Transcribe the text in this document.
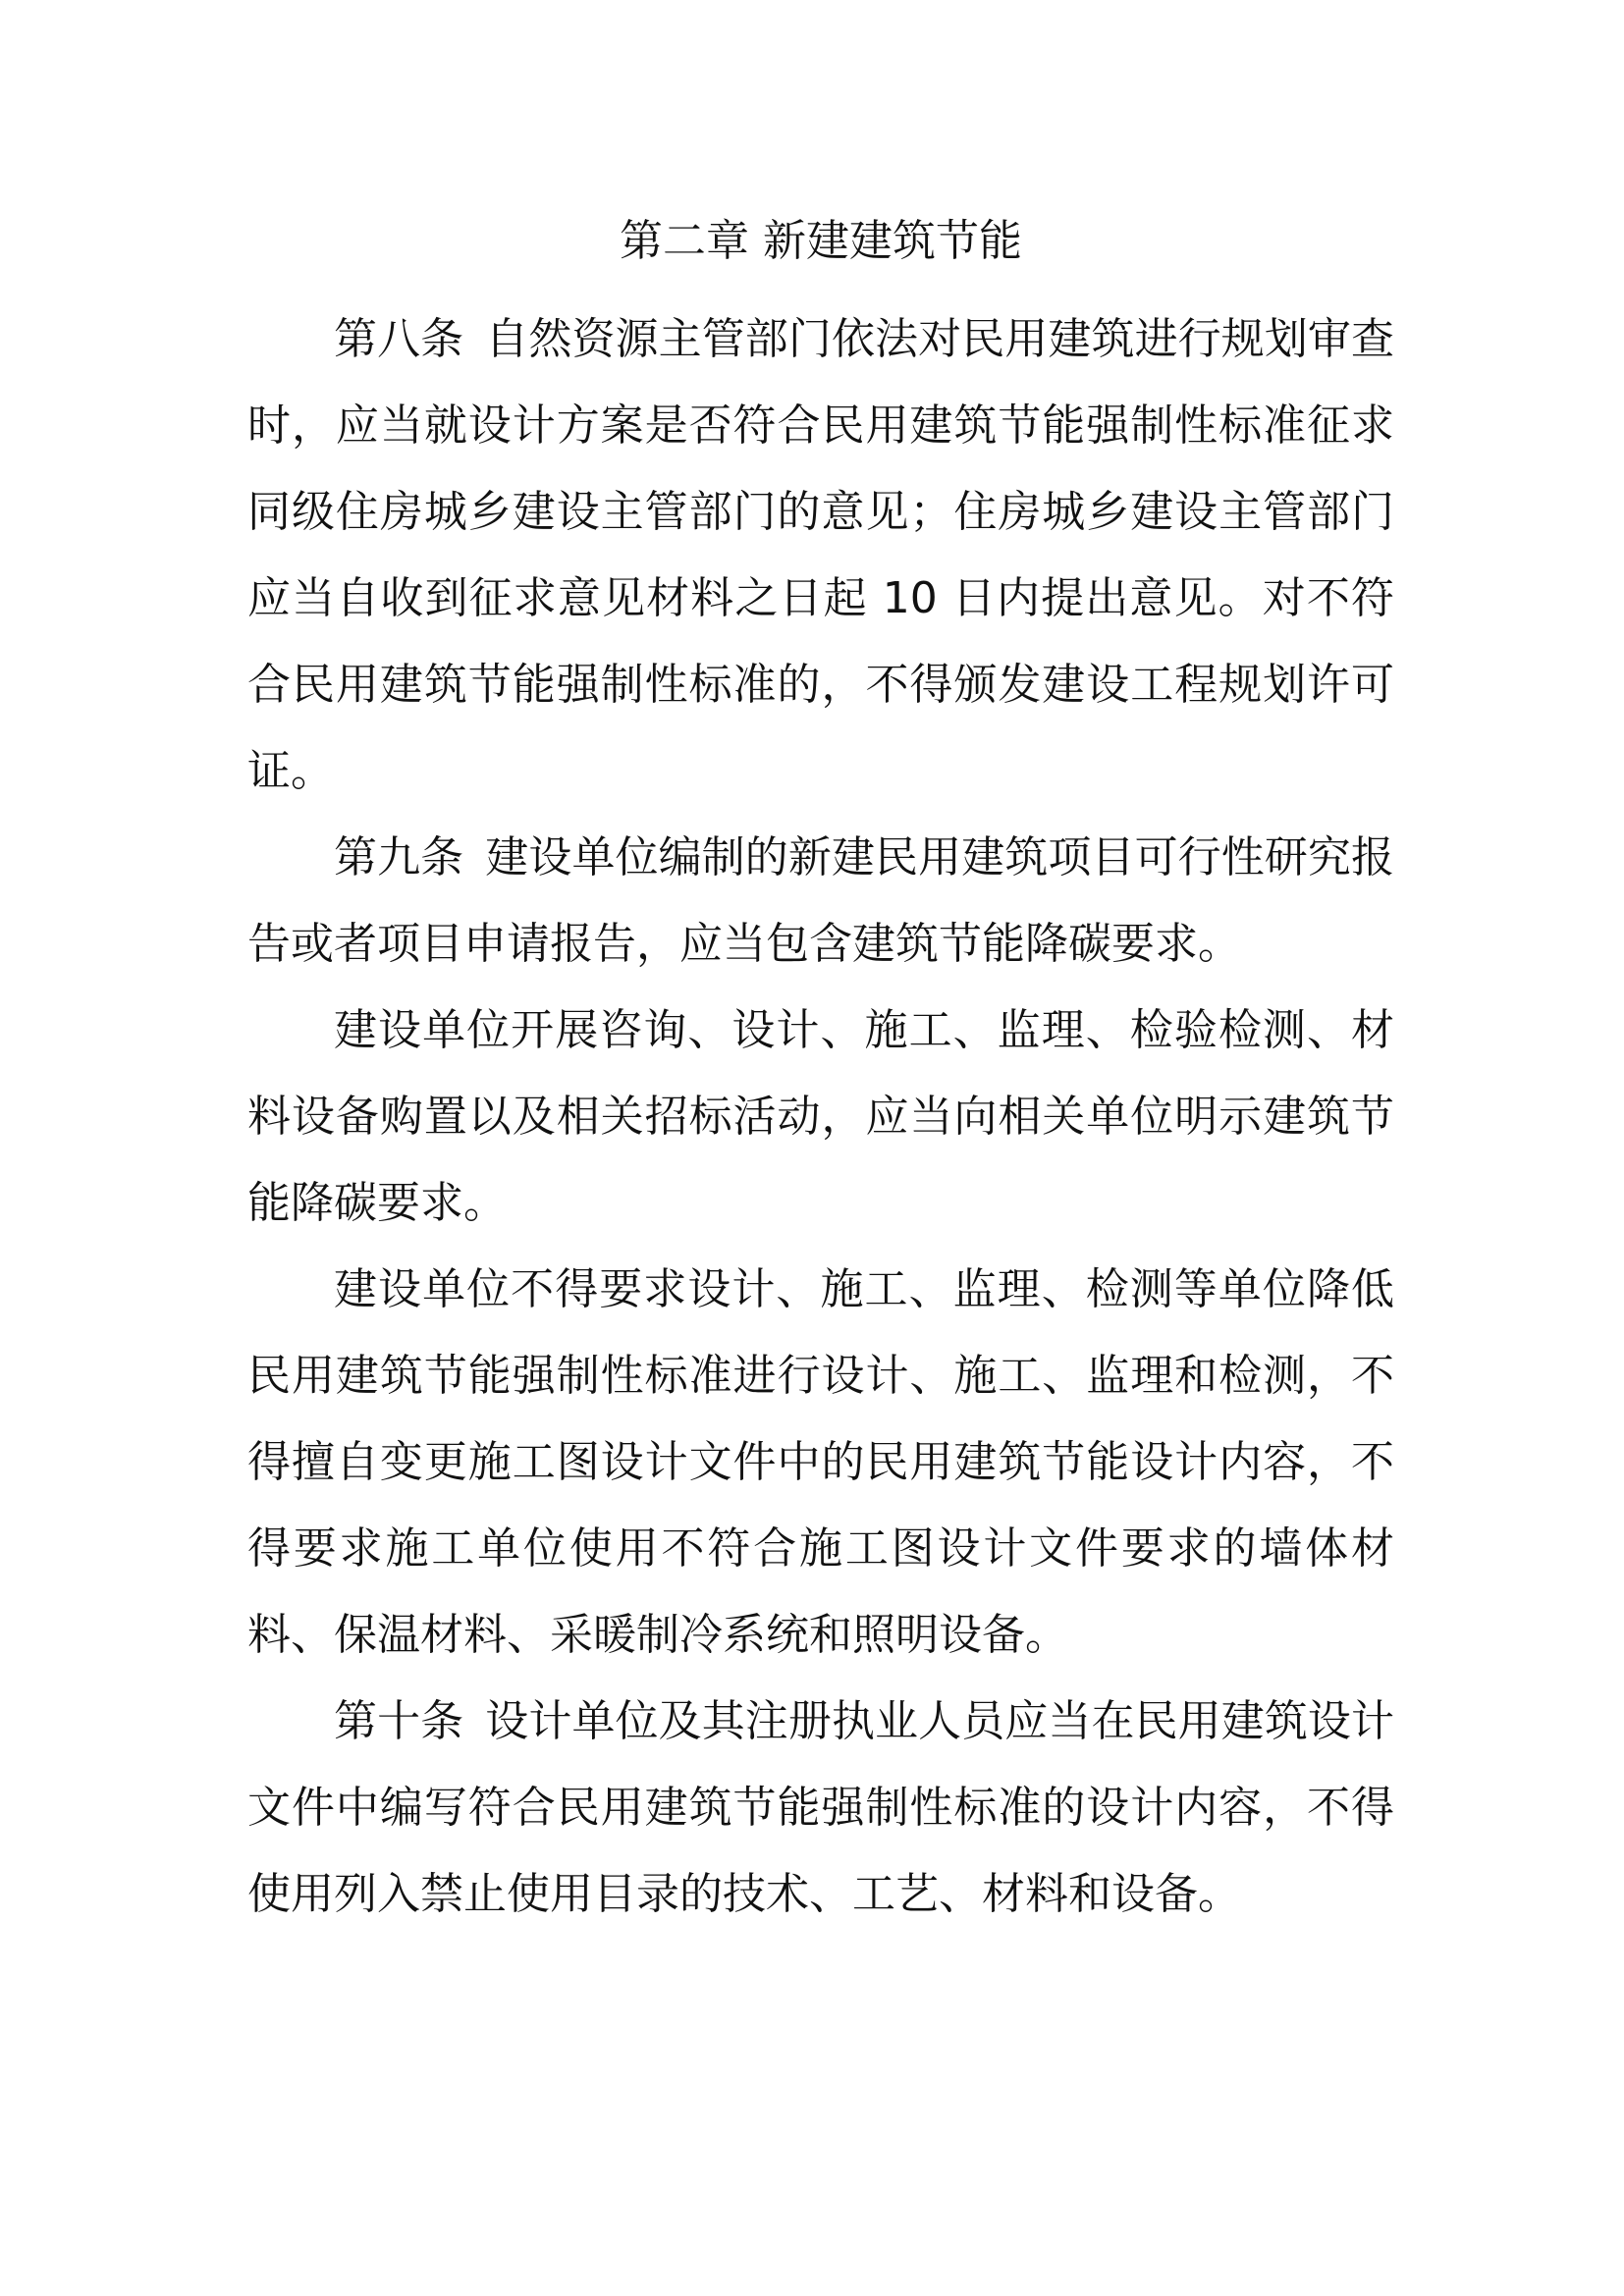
第二章 新建建筑节能

第八条 自然资源主管部门依法对民用建筑进行规划审查时，应当就设计方案是否符合民用建筑节能强制性标准征求同级住房城乡建设主管部门的意见；住房城乡建设主管部门应当自收到征求意见材料之日起 10 日内提出意见。对不符合民用建筑节能强制性标准的，不得颁发建设工程规划许可证。

第九条 建设单位编制的新建民用建筑项目可行性研究报告或者项目申请报告，应当包含建筑节能降碳要求。

建设单位开展咨询、设计、施工、监理、检验检测、材料设备购置以及相关招标活动，应当向相关单位明示建筑节能降碳要求。

建设单位不得要求设计、施工、监理、检测等单位降低民用建筑节能强制性标准进行设计、施工、监理和检测，不得擅自变更施工图设计文件中的民用建筑节能设计内容，不得要求施工单位使用不符合施工图设计文件要求的墙体材料、保温材料、采暖制冷系统和照明设备。

第十条 设计单位及其注册执业人员应当在民用建筑设计文件中编写符合民用建筑节能强制性标准的设计内容，不得使用列入禁止使用目录的技术、工艺、材料和设备。
